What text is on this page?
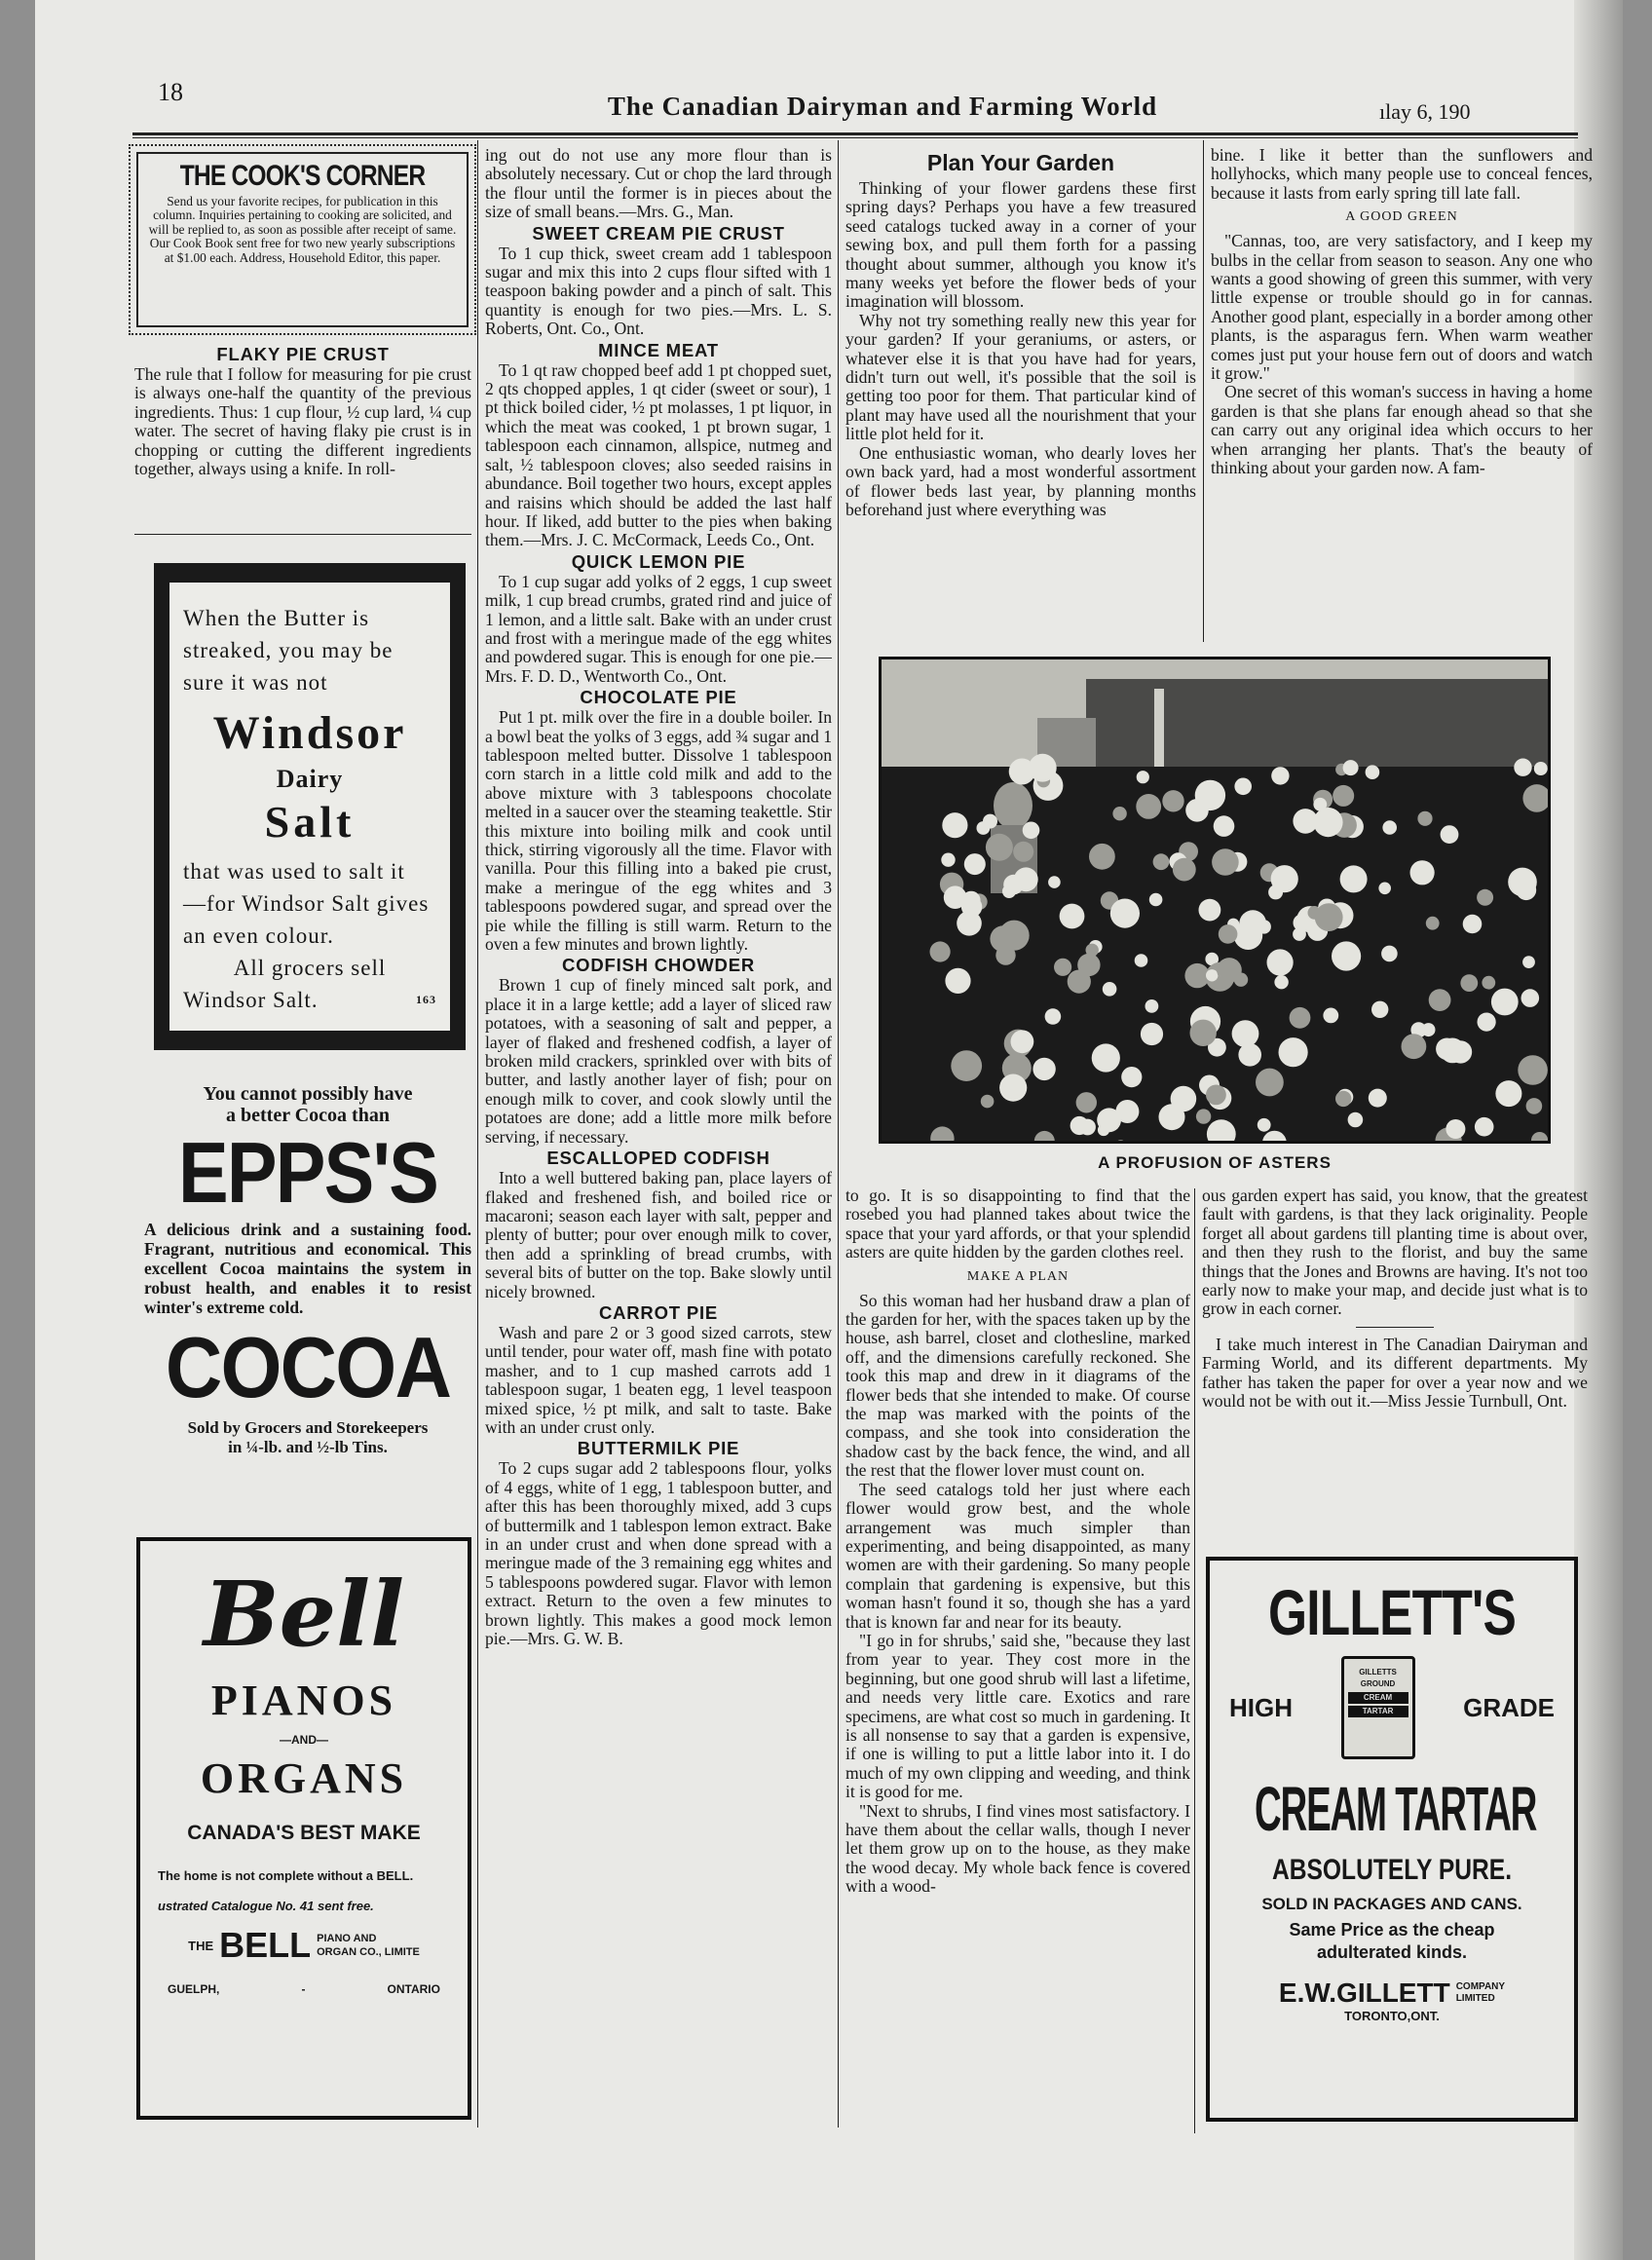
18	The Canadian Dairyman and Farming World	ılay 6, 190
THE COOK'S CORNER
Send us your favorite recipes, for publication in this column. Inquiries pertaining to cooking are solicited, and will be replied to, as soon as possible after receipt of same. Our Cook Book sent free for two new yearly subscriptions at $1.00 each. Address, Household Editor, this paper.
FLAKY PIE CRUST

The rule that I follow for measuring for pie crust is always one-half the quantity of the previous ingredients. Thus: 1 cup flour, ½ cup lard, ¼ cup water. The secret of having flaky pie crust is in chopping or cutting the different ingredients together, always using a knife. In roll-

When the Butter is
streaked, you may be
sure it was not
Windsor
Dairy
Salt
that was used to salt it
—for Windsor Salt gives
an even colour.
All grocers sell
Windsor Salt.	163
You cannot possibly have
a better Cocoa than
EPPS'S
A delicious drink and a sustaining food. Fragrant, nutritious and economical. This excellent Cocoa maintains the system in robust health, and enables it to resist winter's extreme cold.
COCOA
Sold by Grocers and Storekeepers
in ¼-lb. and ½-lb Tins.
Bell
PIANOS
—AND—
ORGANS
CANADA'S BEST MAKE
The home is not complete without a BELL.
ustrated Catalogue No. 41 sent free.
THE BELL PIANO AND
ORGAN CO., LIMITE
GUELPH,	-	ONTARIO

ing out do not use any more flour than is absolutely necessary. Cut or chop the lard through the flour until the former is in pieces about the size of small beans.—Mrs. G., Man.

SWEET CREAM PIE CRUST

To 1 cup thick, sweet cream add 1 tablespoon sugar and mix this into 2 cups flour sifted with 1 teaspoon baking powder and a pinch of salt. This quantity is enough for two pies.—Mrs. L. S. Roberts, Ont. Co., Ont.

MINCE MEAT

To 1 qt raw chopped beef add 1 pt chopped suet, 2 qts chopped apples, 1 qt cider (sweet or sour), 1 pt thick boiled cider, ½ pt molasses, 1 pt liquor, in which the meat was cooked, 1 pt brown sugar, 1 tablespoon each cinnamon, allspice, nutmeg and salt, ½ tablespoon cloves; also seeded raisins in abundance. Boil together two hours, except apples and raisins which should be added the last half hour. If liked, add butter to the pies when baking them.—Mrs. J. C. McCormack, Leeds Co., Ont.

QUICK LEMON PIE

To 1 cup sugar add yolks of 2 eggs, 1 cup sweet milk, 1 cup bread crumbs, grated rind and juice of 1 lemon, and a little salt. Bake with an under crust and frost with a meringue made of the egg whites and powdered sugar. This is enough for one pie.—Mrs. F. D. D., Wentworth Co., Ont.

CHOCOLATE PIE

Put 1 pt. milk over the fire in a double boiler. In a bowl beat the yolks of 3 eggs, add ¾ sugar and 1 tablespoon melted butter. Dissolve 1 tablespoon corn starch in a little cold milk and add to the above mixture with 3 tablespoons chocolate melted in a saucer over the steaming teakettle. Stir this mixture into boiling milk and cook until thick, stirring vigorously all the time. Flavor with vanilla. Pour this filling into a baked pie crust, make a meringue of the egg whites and 3 tablespoons powdered sugar, and spread over the pie while the filling is still warm. Return to the oven a few minutes and brown lightly.

CODFISH CHOWDER

Brown 1 cup of finely minced salt pork, and place it in a large kettle; add a layer of sliced raw potatoes, with a seasoning of salt and pepper, a layer of flaked and freshened codfish, a layer of broken mild crackers, sprinkled over with bits of butter, and lastly another layer of fish; pour on enough milk to cover, and cook slowly until the potatoes are done; add a little more milk before serving, if necessary.

ESCALLOPED CODFISH

Into a well buttered baking pan, place layers of flaked and freshened fish, and boiled rice or macaroni; season each layer with salt, pepper and plenty of butter; pour over enough milk to cover, then add a sprinkling of bread crumbs, with several bits of butter on the top. Bake slowly until nicely browned.

CARROT PIE

Wash and pare 2 or 3 good sized carrots, stew until tender, pour water off, mash fine with potato masher, and to 1 cup mashed carrots add 1 tablespoon sugar, 1 beaten egg, 1 level teaspoon mixed spice, ½ pt milk, and salt to taste. Bake with an under crust only.

BUTTERMILK PIE

To 2 cups sugar add 2 tablespoons flour, yolks of 4 eggs, white of 1 egg, 1 tablespoon butter, and after this has been thoroughly mixed, add 3 cups of buttermilk and 1 tablespon lemon extract. Bake in an under crust and when done spread with a meringue made of the 3 remaining egg whites and 5 tablespoons powdered sugar. Flavor with lemon extract. Return to the oven a few minutes to brown lightly. This makes a good mock lemon pie.—Mrs. G. W. B.

Plan Your Garden

Thinking of your flower gardens these first spring days? Perhaps you have a few treasured seed catalogs tucked away in a corner of your sewing box, and pull them forth for a passing thought about summer, although you know it's many weeks yet before the flower beds of your imagination will blossom.

Why not try something really new this year for your garden? If your geraniums, or asters, or whatever else it is that you have had for years, didn't turn out well, it's possible that the soil is getting too poor for them. That particular kind of plant may have used all the nourishment that your little plot held for it.

One enthusiastic woman, who dearly loves her own back yard, had a most wonderful assortment of flower beds last year, by planning months beforehand just where everything was

bine. I like it better than the sunflowers and hollyhocks, which many people use to conceal fences, because it lasts from early spring till late fall.

A GOOD GREEN

"Cannas, too, are very satisfactory, and I keep my bulbs in the cellar from season to season. Any one who wants a good showing of green this summer, with very little expense or trouble should go in for cannas. Another good plant, especially in a border among other plants, is the asparagus fern. When warm weather comes just put your house fern out of doors and watch it grow."

One secret of this woman's success in having a home garden is that she plans far enough ahead so that she can carry out any original idea which occurs to her when arranging her plants. That's the beauty of thinking about your garden now. A fam-

A PROFUSION OF ASTERS

to go. It is so disappointing to find that the rosebed you had planned takes about twice the space that your yard affords, or that your splendid asters are quite hidden by the garden clothes reel.

MAKE A PLAN

So this woman had her husband draw a plan of the garden for her, with the spaces taken up by the house, ash barrel, closet and clothesline, marked off, and the dimensions carefully reckoned. She took this map and drew in it diagrams of the flower beds that she intended to make. Of course the map was marked with the points of the compass, and she took into consideration the shadow cast by the back fence, the wind, and all the rest that the flower lover must count on.

The seed catalogs told her just where each flower would grow best, and the whole arrangement was much simpler than experimenting, and being disappointed, as many women are with their gardening. So many people complain that gardening is expensive, but this woman hasn't found it so, though she has a yard that is known far and near for its beauty.

"I go in for shrubs,' said she, "because they last from year to year. They cost more in the beginning, but one good shrub will last a lifetime, and needs very little care. Exotics and rare specimens, are what cost so much in gardening. It is all nonsense to say that a garden is expensive, if one is willing to put a little labor into it. I do much of my own clipping and weeding, and think it is good for me.

"Next to shrubs, I find vines most satisfactory. I have them about the cellar walls, though I never let them grow up on to the house, as they make the wood decay. My whole back fence is covered with a wood-

ous garden expert has said, you know, that the greatest fault with gardens, is that they lack originality. People forget all about gardens till planting time is about over, and then they rush to the florist, and buy the same things that the Jones and Browns are having. It's not too early now to make your map, and decide just what is to grow in each corner.

I take much interest in The Canadian Dairyman and Farming World, and its different departments. My father has taken the paper for over a year now and we would not be with out it.—Miss Jessie Turnbull, Ont.

GILLETT'S
HIGH
GILLETTS
GROUND
CREAM
TARTAR	GRADE
CREAM TARTAR
ABSOLUTELY PURE.
SOLD IN PACKAGES AND CANS.
Same Price as the cheap
adulterated kinds.
E.W.GILLETT COMPANY
LIMITED
TORONTO,ONT.
